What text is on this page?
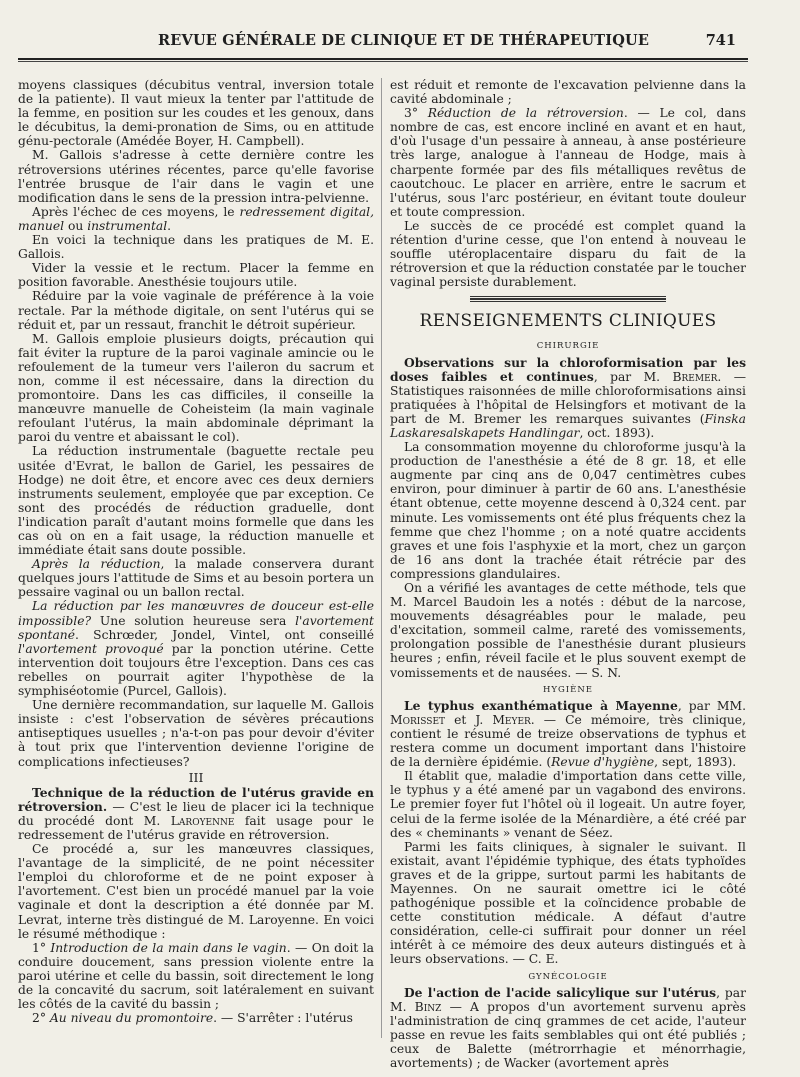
REVUE GÉNÉRALE DE CLINIQUE ET DE THÉRAPEUTIQUE	741

moyens classiques (décubitus ventral, inversion totale de la patiente). Il vaut mieux la tenter par l'attitude de la femme, en position sur les coudes et les genoux, dans le décubitus, la demi-pronation de Sims, ou en attitude génu-pectorale (Amédée Boyer, H. Campbell).

M. Gallois s'adresse à cette dernière contre les rétroversions utérines récentes, parce qu'elle favorise l'entrée brusque de l'air dans le vagin et une modification dans le sens de la pression intra-pelvienne.

Après l'échec de ces moyens, le redressement digital, manuel ou instrumental.

En voici la technique dans les pratiques de M. E. Gallois.

Vider la vessie et le rectum. Placer la femme en position favorable. Anesthésie toujours utile.

Réduire par la voie vaginale de préférence à la voie rectale. Par la méthode digitale, on sent l'utérus qui se réduit et, par un ressaut, franchit le détroit supérieur.

M. Gallois emploie plusieurs doigts, précaution qui fait éviter la rupture de la paroi vaginale amincie ou le refoulement de la tumeur vers l'aileron du sacrum et non, comme il est nécessaire, dans la direction du promontoire. Dans les cas difficiles, il conseille la manœuvre manuelle de Coheisteim (la main vaginale refoulant l'utérus, la main abdominale déprimant la paroi du ventre et abaissant le col).

La réduction instrumentale (baguette rectale peu usitée d'Evrat, le ballon de Gariel, les pessaires de Hodge) ne doit être, et encore avec ces deux derniers instruments seulement, employée que par exception. Ce sont des procédés de réduction graduelle, dont l'indication paraît d'autant moins formelle que dans les cas où on en a fait usage, la réduction manuelle et immédiate était sans doute possible.

Après la réduction, la malade conservera durant quelques jours l'attitude de Sims et au besoin portera un pessaire vaginal ou un ballon rectal.

La réduction par les manœuvres de douceur est-elle impossible? Une solution heureuse sera l'avortement spontané. Schrœder, Jondel, Vintel, ont conseillé l'avortement provoqué par la ponction utérine. Cette intervention doit toujours être l'exception. Dans ces cas rebelles on pourrait agiter l'hypothèse de la symphiséotomie (Purcel, Gallois).

Une dernière recommandation, sur laquelle M. Gallois insiste : c'est l'observation de sévères précautions antiseptiques usuelles ; n'a-t-on pas pour devoir d'éviter à tout prix que l'intervention devienne l'origine de complications infectieuses?

III

Technique de la réduction de l'utérus gravide en rétroversion. — C'est le lieu de placer ici la technique du procédé dont M. Laroyenne fait usage pour le redressement de l'utérus gravide en rétroversion.

Ce procédé a, sur les manœuvres classiques, l'avantage de la simplicité, de ne point nécessiter l'emploi du chloroforme et de ne point exposer à l'avortement. C'est bien un procédé manuel par la voie vaginale et dont la description a été donnée par M. Levrat, interne très distingué de M. Laroyenne. En voici le résumé méthodique :

1° Introduction de la main dans le vagin. — On doit la conduire doucement, sans pression violente entre la paroi utérine et celle du bassin, soit directement le long de la concavité du sacrum, soit latéralement en suivant les côtés de la cavité du bassin ;

2° Au niveau du promontoire. — S'arrêter : l'utérus

est réduit et remonte de l'excavation pelvienne dans la cavité abdominale ;

3° Réduction de la rétroversion. — Le col, dans nombre de cas, est encore incliné en avant et en haut, d'où l'usage d'un pessaire à anneau, à anse postérieure très large, analogue à l'anneau de Hodge, mais à charpente formée par des fils métalliques revêtus de caoutchouc. Le placer en arrière, entre le sacrum et l'utérus, sous l'arc postérieur, en évitant toute douleur et toute compression.

Le succès de ce procédé est complet quand la rétention d'urine cesse, que l'on entend à nouveau le souffle utéroplacentaire disparu du fait de la rétroversion et que la réduction constatée par le toucher vaginal persiste durablement.

RENSEIGNEMENTS CLINIQUES

CHIRURGIE

Observations sur la chloroformisation par les doses faibles et continues, par M. Bremer. — Statistiques raisonnées de mille chloroformisations ainsi pratiquées à l'hôpital de Helsingfors et motivant de la part de M. Bremer les remarques suivantes (Finska Laskaresalskapets Handlingar, oct. 1893).

La consommation moyenne du chloroforme jusqu'à la production de l'anesthésie a été de 8 gr. 18, et elle augmente par cinq ans de 0,047 centimètres cubes environ, pour diminuer à partir de 60 ans. L'anesthésie étant obtenue, cette moyenne descend à 0,324 cent. par minute. Les vomissements ont été plus fréquents chez la femme que chez l'homme ; on a noté quatre accidents graves et une fois l'asphyxie et la mort, chez un garçon de 16 ans dont la trachée était rétrécie par des compressions glandulaires.

On a vérifié les avantages de cette méthode, tels que M. Marcel Baudoin les a notés : début de la narcose, mouvements désagréables pour le malade, peu d'excitation, sommeil calme, rareté des vomissements, prolongation possible de l'anesthésie durant plusieurs heures ; enfin, réveil facile et le plus souvent exempt de vomissements et de nausées. — S. N.

HYGIÈNE

Le typhus exanthématique à Mayenne, par MM. Morisset et J. Meyer. — Ce mémoire, très clinique, contient le résumé de treize observations de typhus et restera comme un document important dans l'histoire de la dernière épidémie. (Revue d'hygiène, sept, 1893).

Il établit que, maladie d'importation dans cette ville, le typhus y a été amené par un vagabond des environs. Le premier foyer fut l'hôtel où il logeait. Un autre foyer, celui de la ferme isolée de la Ménardière, a été créé par des « cheminants » venant de Séez.

Parmi les faits cliniques, à signaler le suivant. Il existait, avant l'épidémie typhique, des états typhoïdes graves et de la grippe, surtout parmi les habitants de Mayennes. On ne saurait omettre ici le côté pathogénique possible et la coïncidence probable de cette constitution médicale. A défaut d'autre considération, celle-ci suffirait pour donner un réel intérêt à ce mémoire des deux auteurs distingués et à leurs observations. — C. E.

GYNÉCOLOGIE

De l'action de l'acide salicylique sur l'utérus, par M. Binz — A propos d'un avortement survenu après l'administration de cinq grammes de cet acide, l'auteur passe en revue les faits semblables qui ont été publiés ; ceux de Balette (métrorrhagie et ménorrhagie, avortements) ; de Wacker (avortement après
